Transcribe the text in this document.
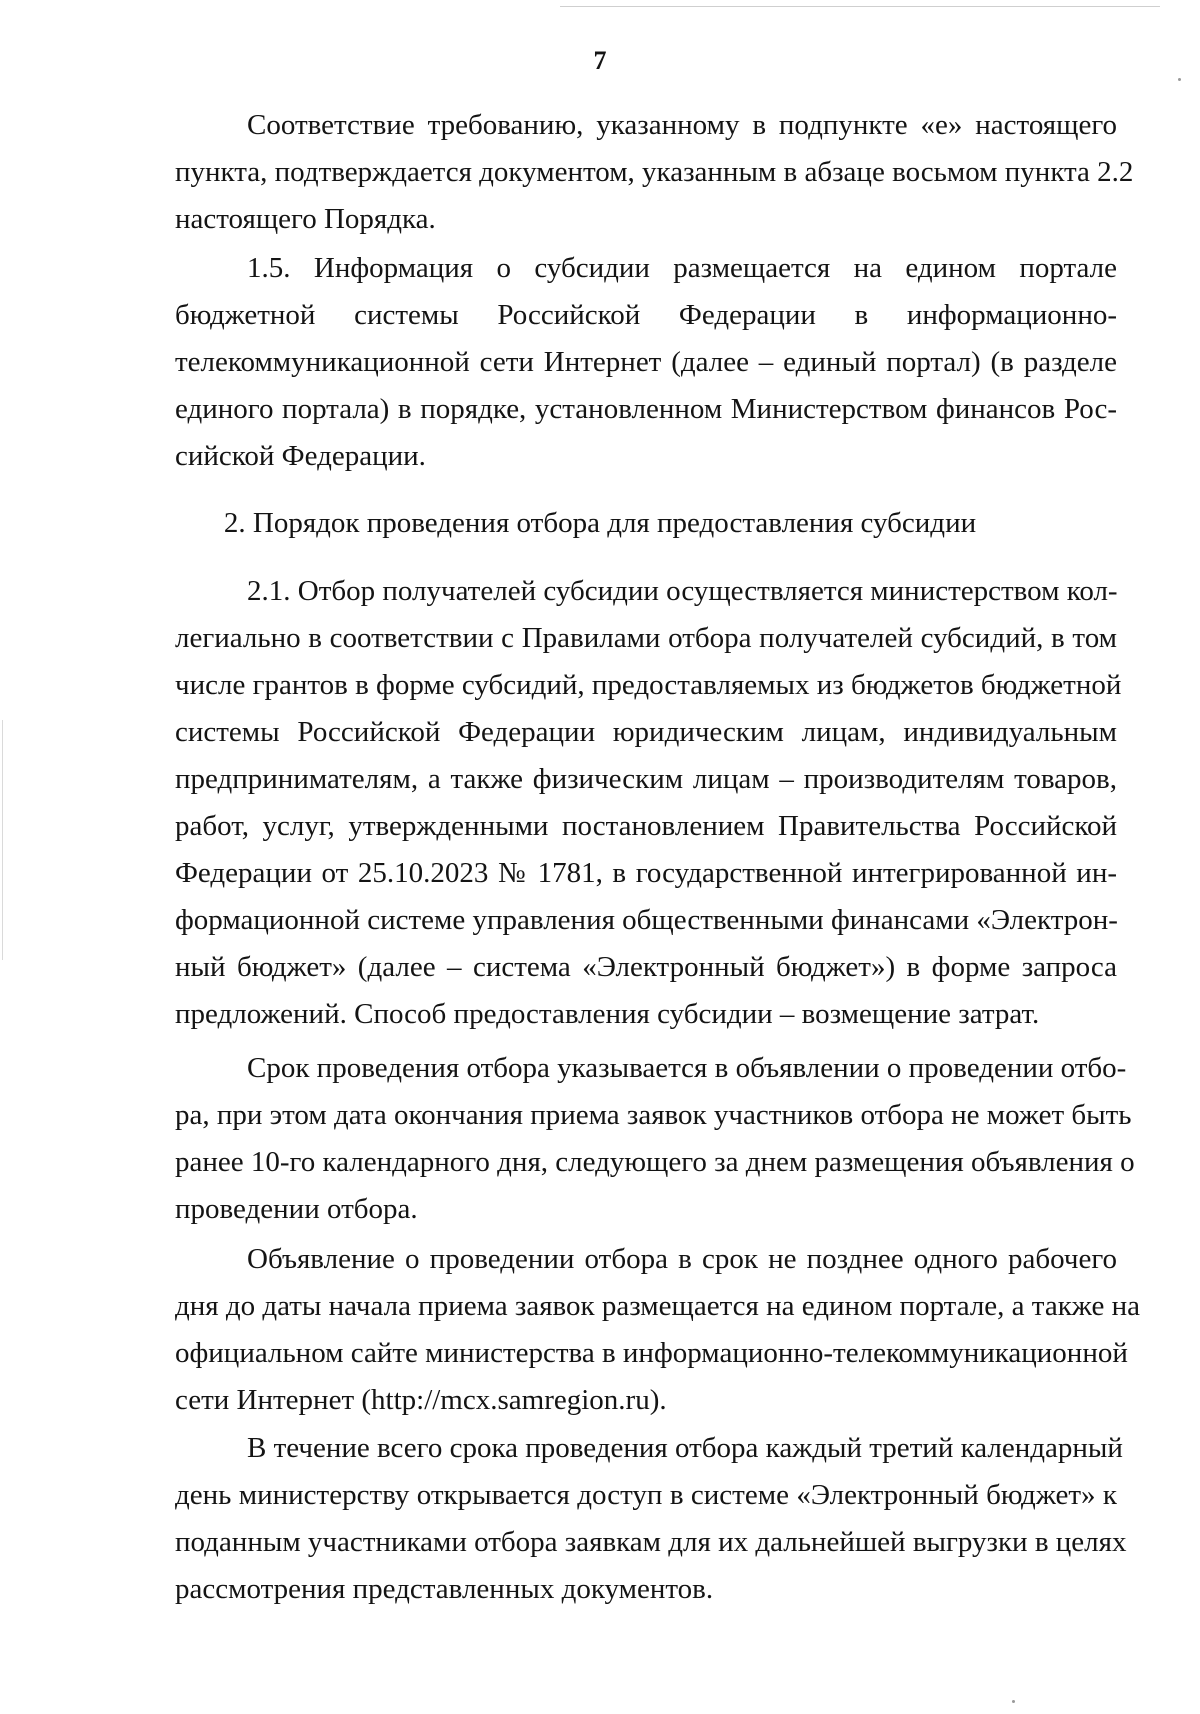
7
Соответствие требованию, указанному в подпункте «е» настоящего
пункта, подтверждается документом, указанным в абзаце восьмом пункта 2.2
настоящего Порядка.
1.5. Информация о субсидии размещается на едином портале
бюджетной системы Российской Федерации в информационно-
телекоммуникационной сети Интернет (далее – единый портал) (в разделе
единого портала) в порядке, установленном Министерством финансов Рос-
сийской Федерации.
2. Порядок проведения отбора для предоставления субсидии
2.1. Отбор получателей субсидии осуществляется министерством кол-
легиально в соответствии с Правилами отбора получателей субсидий, в том
числе грантов в форме субсидий, предоставляемых из бюджетов бюджетной
системы Российской Федерации юридическим лицам, индивидуальным
предпринимателям, а также физическим лицам – производителям товаров,
работ, услуг, утвержденными постановлением Правительства Российской
Федерации от 25.10.2023 № 1781, в государственной интегрированной ин-
формационной системе управления общественными финансами «Электрон-
ный бюджет» (далее – система «Электронный бюджет») в форме запроса
предложений. Способ предоставления субсидии – возмещение затрат.
Срок проведения отбора указывается в объявлении о проведении отбо-
ра, при этом дата окончания приема заявок участников отбора не может быть
ранее 10-го календарного дня, следующего за днем размещения объявления о
проведении отбора.
Объявление о проведении отбора в срок не позднее одного рабочего
дня до даты начала приема заявок размещается на едином портале, а также на
официальном сайте министерства в информационно-телекоммуникационной
сети Интернет (http://mcx.samregion.ru).
В течение всего срока проведения отбора каждый третий календарный
день министерству открывается доступ в системе «Электронный бюджет» к
поданным участниками отбора заявкам для их дальнейшей выгрузки в целях
рассмотрения представленных документов.
